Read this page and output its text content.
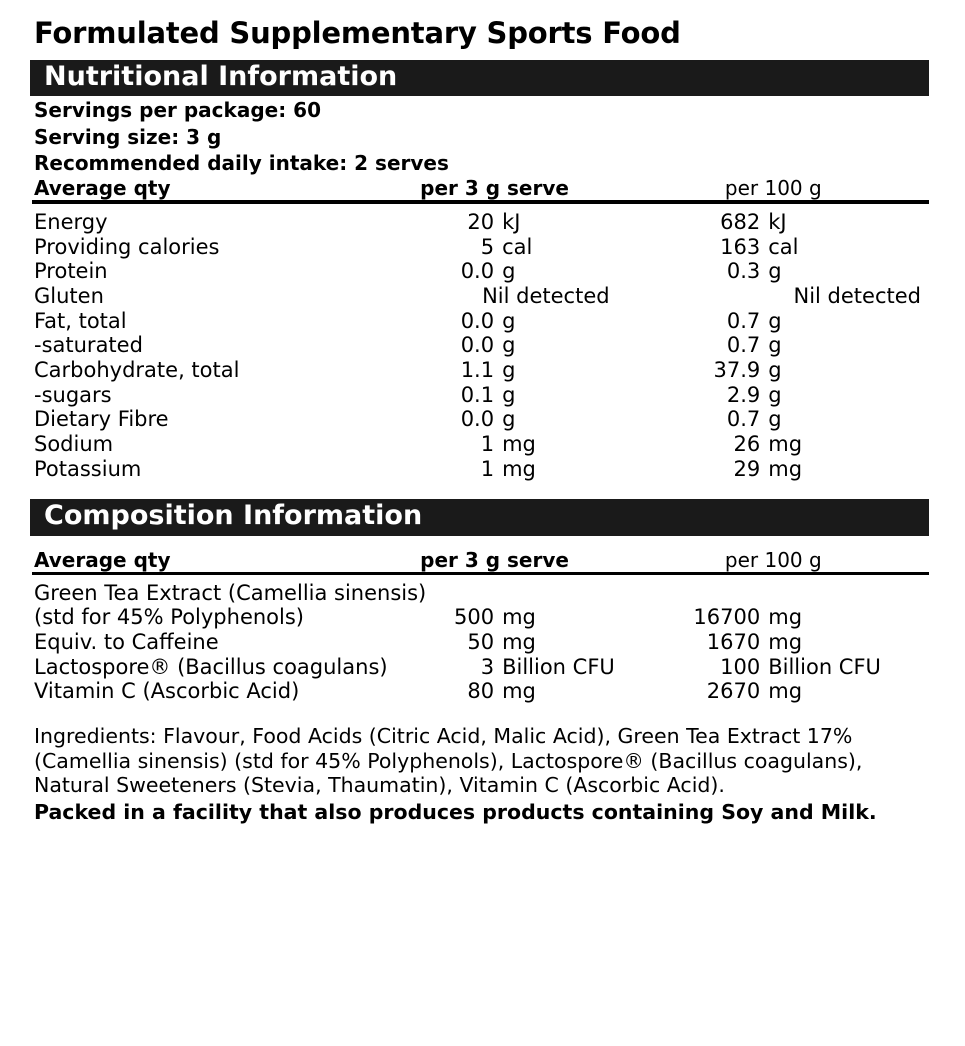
Formulated Supplementary Sports Food
Nutritional Information
Servings per package: 60
Serving size: 3 g
Recommended daily intake: 2 serves
Average qty	per 3 g serve	per 100 g
Energy	20	kJ	682	kJ
Providing calories	5	cal	163	cal
Protein	0.0	g	0.3	g
Gluten	Nil detected		Nil detected	
Fat, total	0.0	g	0.7	g
-saturated	0.0	g	0.7	g
Carbohydrate, total	1.1	g	37.9	g
-sugars	0.1	g	2.9	g
Dietary Fibre	0.0	g	0.7	g
Sodium	1	mg	26	mg
Potassium	1	mg	29	mg
Composition Information
Average qty	per 3 g serve	per 100 g
Green Tea Extract (Camellia sinensis)				
(std for 45% Polyphenols)	500	mg	16700	mg
Equiv. to Caffeine	50	mg	1670	mg
Lactospore® (Bacillus coagulans)	3	Billion CFU	100	Billion CFU
Vitamin C (Ascorbic Acid)	80	mg	2670	mg
Ingredients: Flavour, Food Acids (Citric Acid, Malic Acid), Green Tea Extract 17% (Camellia sinensis) (std for 45% Polyphenols), Lactospore® (Bacillus coagulans), Natural Sweeteners (Stevia, Thaumatin), Vitamin C (Ascorbic Acid).
Packed in a facility that also produces products containing Soy and Milk.
